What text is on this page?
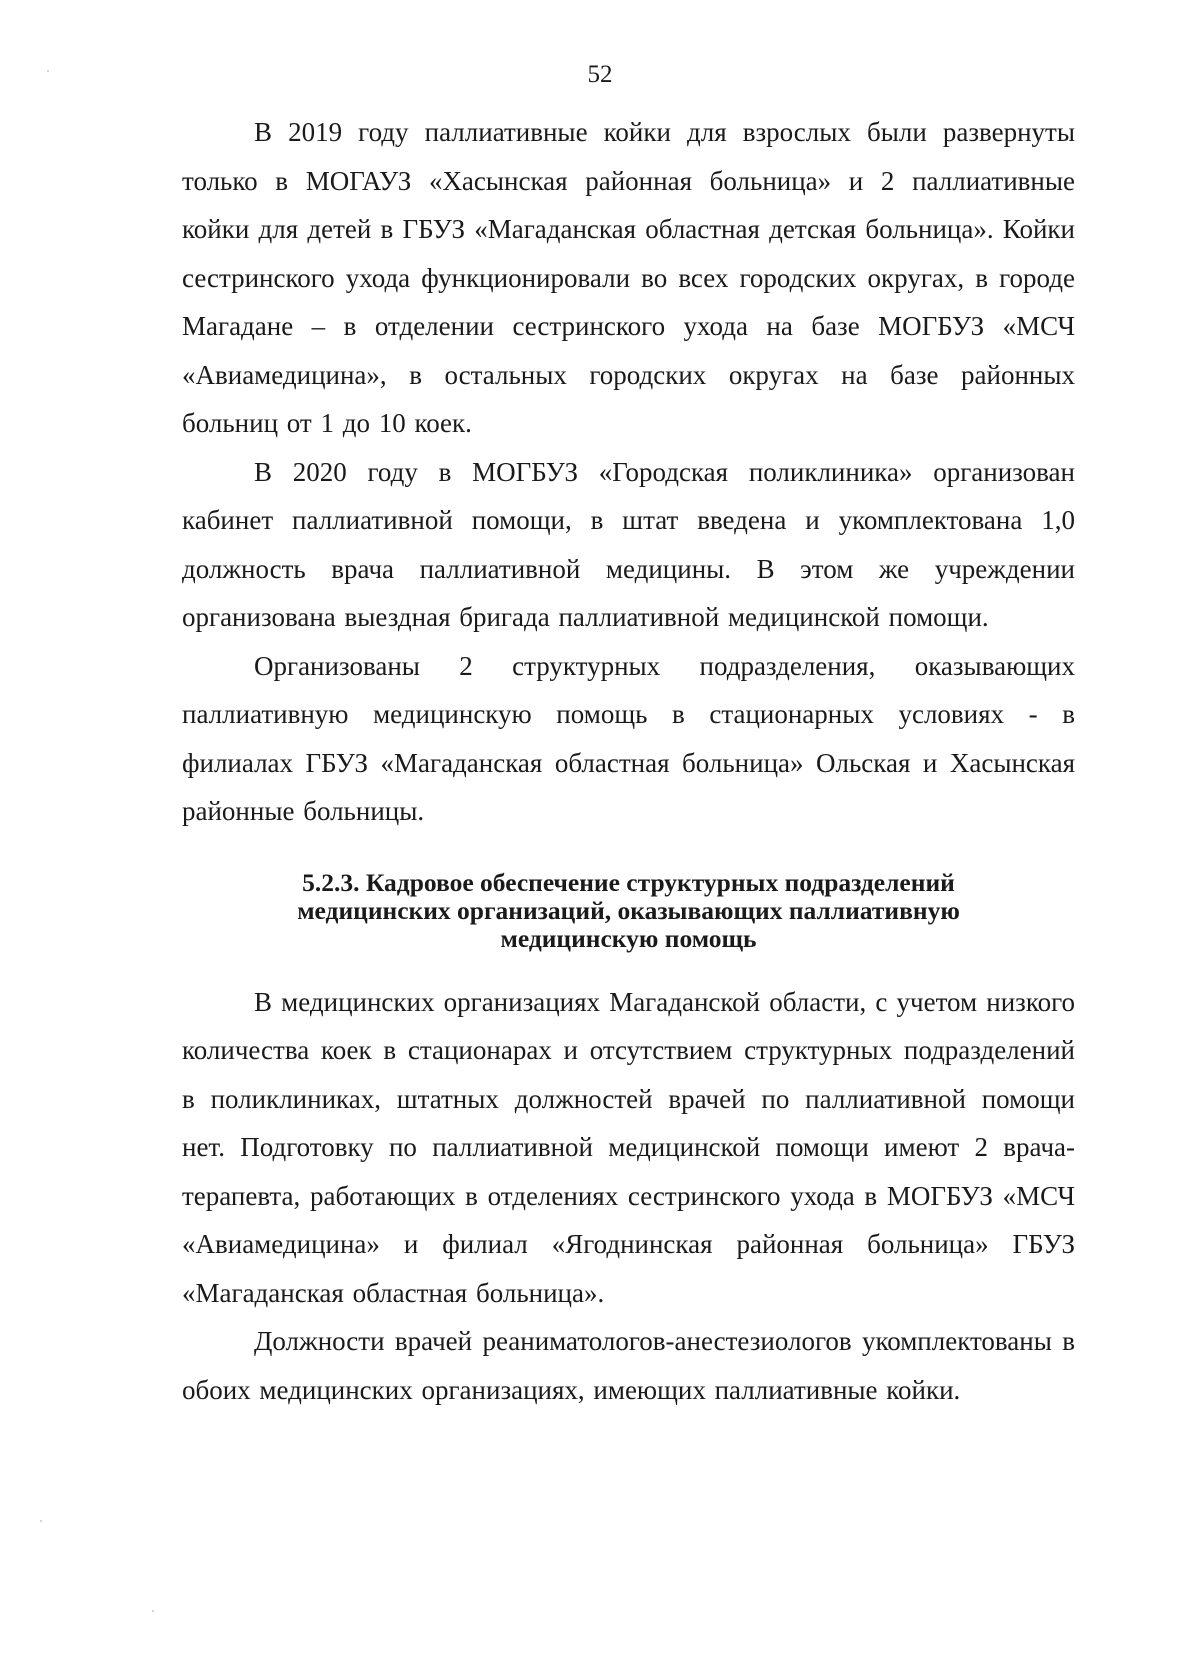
52

В 2019 году паллиативные койки для взрослых были развернуты только в МОГАУЗ «Хасынская районная больница» и 2 паллиативные койки для детей в ГБУЗ «Магаданская областная детская больница». Койки сестринского ухода функционировали во всех городских округах, в городе Магадане – в отделении сестринского ухода на базе МОГБУЗ «МСЧ «Авиамедицина», в остальных городских округах на базе районных больниц от 1 до 10 коек.

В 2020 году в МОГБУЗ «Городская поликлиника» организован кабинет паллиативной помощи, в штат введена и укомплектована 1,0 должность врача паллиативной медицины. В этом же учреждении организована выездная бригада паллиативной медицинской помощи.

Организованы 2 структурных подразделения, оказывающих паллиативную медицинскую помощь в стационарных условиях - в филиалах ГБУЗ «Магаданская областная больница» Ольская и Хасынская районные больницы.

5.2.3. Кадровое обеспечение структурных подразделений медицинских организаций, оказывающих паллиативную медицинскую помощь

В медицинских организациях Магаданской области, с учетом низкого количества коек в стационарах и отсутствием структурных подразделений в поликлиниках, штатных должностей врачей по паллиативной помощи нет. Подготовку по паллиативной медицинской помощи имеют 2 врача-терапевта, работающих в отделениях сестринского ухода в МОГБУЗ «МСЧ «Авиамедицина» и филиал «Ягоднинская районная больница» ГБУЗ «Магаданская областная больница».

Должности врачей реаниматологов-анестезиологов укомплектованы в обоих медицинских организациях, имеющих паллиативные койки.
